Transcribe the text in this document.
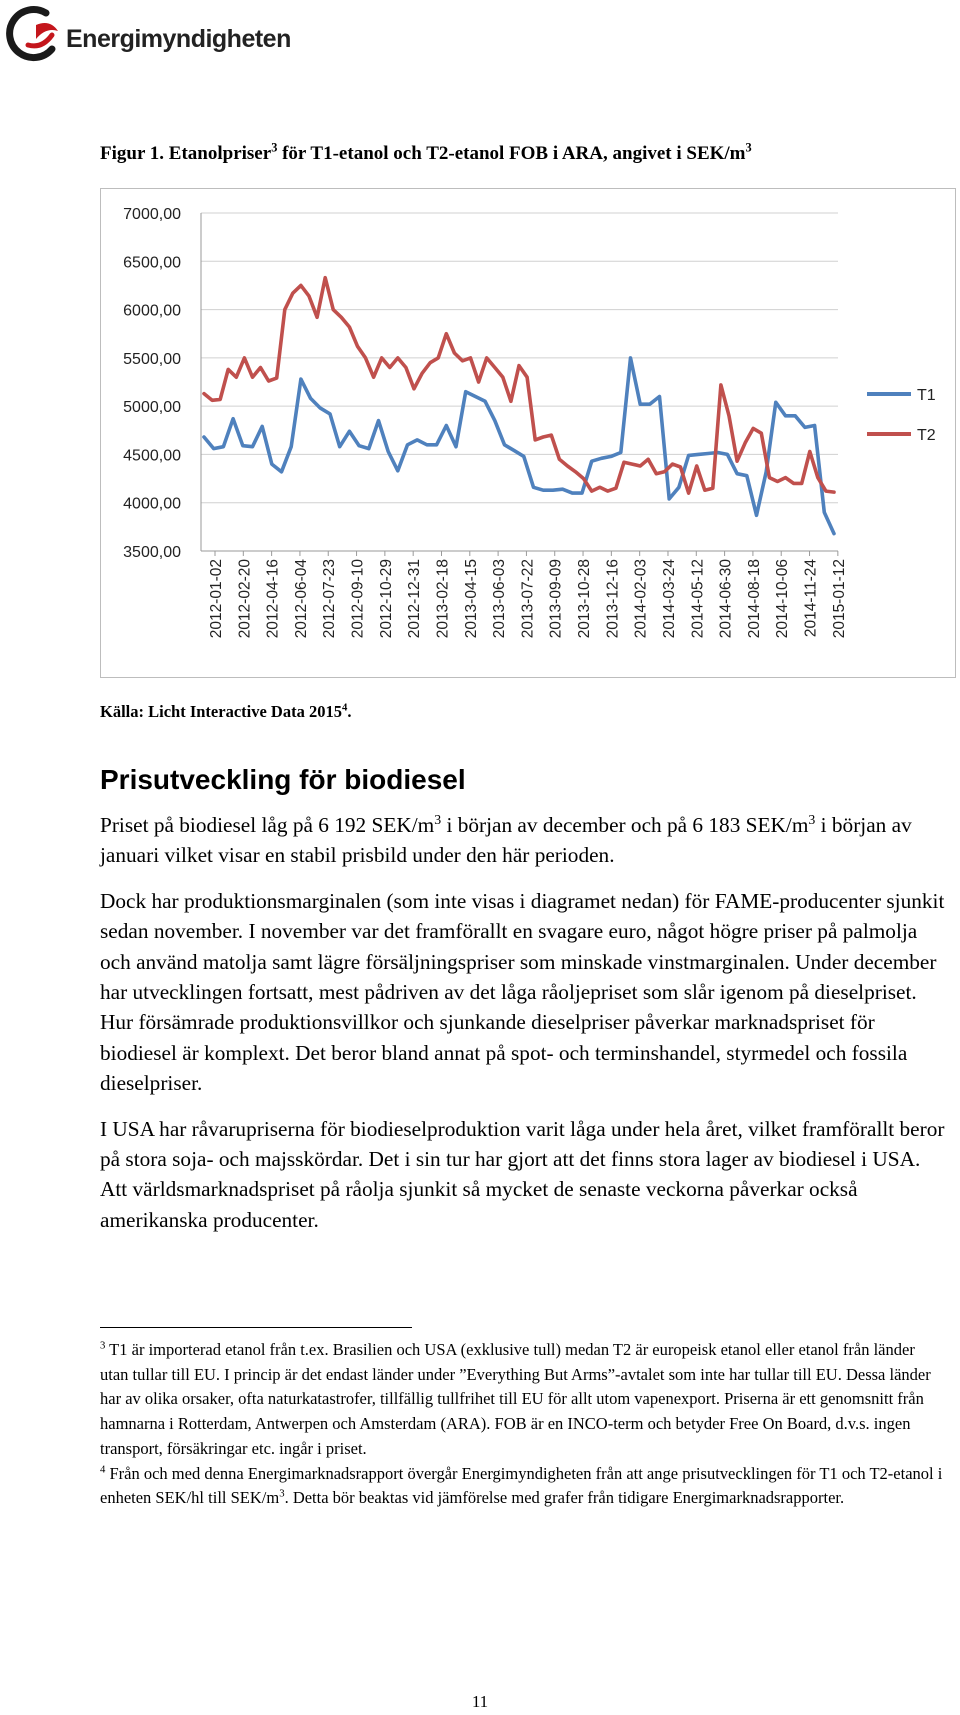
Energimyndigheten
Figur 1. Etanolpriser$^3$ för T1-etanol och T2-etanol FOB i ARA, angivet i SEK/$m^3$
7000,00
6500,00
6000,00
5500,00
5000,00
4500,00
4000,00
3500,00
2012-01-02 2012-02-20 2012-04-16 2012-06-04 2012-07-23 2012-09-10 2012-10-29 2012-12-31 2013-02-18 2013-04-15 2013-06-03 2013-07-22 2013-09-09 2013-10-28 2013-12-16 2014-02-03 2014-03-24 2014-05-12 2014-06-30 2014-08-18 2014-10-06 2014-11-24 2015-01-12
T1
T2
Källa: Licht Interactive Data 2015$^4$.
Prisutveckling för biodiesel

Priset på biodiesel låg på 6 192 SEK/$m^3$ i början av december och på 6 183 SEK/$m^3$ i början av januari vilket visar en stabil prisbild under den här perioden.

Dock har produktionsmarginalen (som inte visas i diagramet nedan) för FAME-producenter sjunkit sedan november. I november var det framförallt en svagare euro, något högre priser på palmolja och använd matolja samt lägre försäljningspriser som minskade vinstmarginalen. Under december har utvecklingen fortsatt, mest pådriven av det låga råoljepriset som slår igenom på dieselpriset. Hur försämrade produktionsvillkor och sjunkande dieselpriser påverkar marknadspriset för biodiesel är komplext. Det beror bland annat på spot- och terminshandel, styrmedel och fossila dieselpriser.

I USA har råvarupriserna för biodieselproduktion varit låga under hela året, vilket framförallt beror på stora soja- och majsskördar. Det i sin tur har gjort att det finns stora lager av biodiesel i USA. Att världsmarknadspriset på råolja sjunkit så mycket de senaste veckorna påverkar också amerikanska producenter.

$^3$ T1 är importerad etanol från t.ex. Brasilien och USA (exklusive tull) medan T2 är europeisk etanol eller etanol från länder utan tullar till EU. I princip är det endast länder under ”Everything But Arms”-avtalet som inte har tullar till EU. Dessa länder har av olika orsaker, ofta naturkatastrofer, tillfällig tullfrihet till EU för allt utom vapenexport. Priserna är ett genomsnitt från hamnarna i Rotterdam, Antwerpen och Amsterdam (ARA). FOB är en INCO-term och betyder Free On Board, d.v.s. ingen transport, försäkringar etc. ingår i priset.

$^4$ Från och med denna Energimarknadsrapport övergår Energimyndigheten från att ange prisutvecklingen för T1 och T2-etanol i enheten SEK/hl till SEK/$m^3$. Detta bör beaktas vid jämförelse med grafer från tidigare Energimarknadsrapporter.

11
